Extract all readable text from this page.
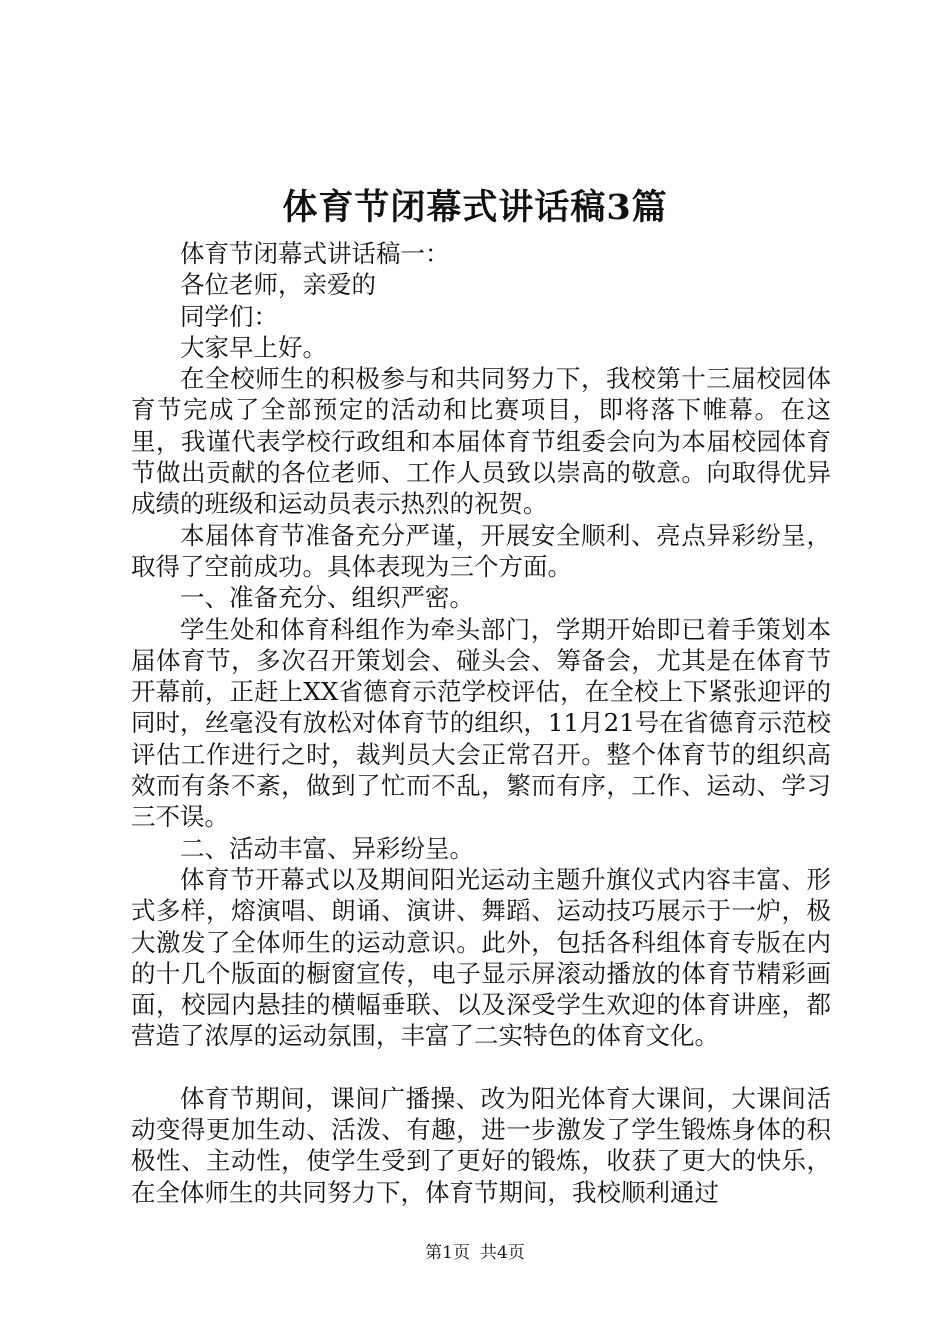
体育节闭幕式讲话稿3篇

体育节闭幕式讲话稿一：

各位老师，亲爱的

同学们：

大家早上好。

在全校师生的积极参与和共同努力下，我校第十三届校园体育节完成了全部预定的活动和比赛项目，即将落下帷幕。在这里，我谨代表学校行政组和本届体育节组委会向为本届校园体育节做出贡献的各位老师、工作人员致以崇高的敬意。向取得优异成绩的班级和运动员表示热烈的祝贺。

本届体育节准备充分严谨，开展安全顺利、亮点异彩纷呈，取得了空前成功。具体表现为三个方面。

一、准备充分、组织严密。

学生处和体育科组作为牵头部门，学期开始即已着手策划本届体育节，多次召开策划会、碰头会、筹备会，尤其是在体育节开幕前，正赶上XX省德育示范学校评估，在全校上下紧张迎评的同时，丝毫没有放松对体育节的组织，11月21号在省德育示范校评估工作进行之时，裁判员大会正常召开。整个体育节的组织高效而有条不紊，做到了忙而不乱，繁而有序，工作、运动、学习三不误。

二、活动丰富、异彩纷呈。

体育节开幕式以及期间阳光运动主题升旗仪式内容丰富、形式多样，熔演唱、朗诵、演讲、舞蹈、运动技巧展示于一炉，极大激发了全体师生的运动意识。此外，包括各科组体育专版在内的十几个版面的橱窗宣传，电子显示屏滚动播放的体育节精彩画面，校园内悬挂的横幅垂联、以及深受学生欢迎的体育讲座，都营造了浓厚的运动氛围，丰富了二实特色的体育文化。

体育节期间，课间广播操、改为阳光体育大课间，大课间活动变得更加生动、活泼、有趣，进一步激发了学生锻炼身体的积极性、主动性，使学生受到了更好的锻炼，收获了更大的快乐，在全体师生的共同努力下，体育节期间，我校顺利通过

第1页 共4页
